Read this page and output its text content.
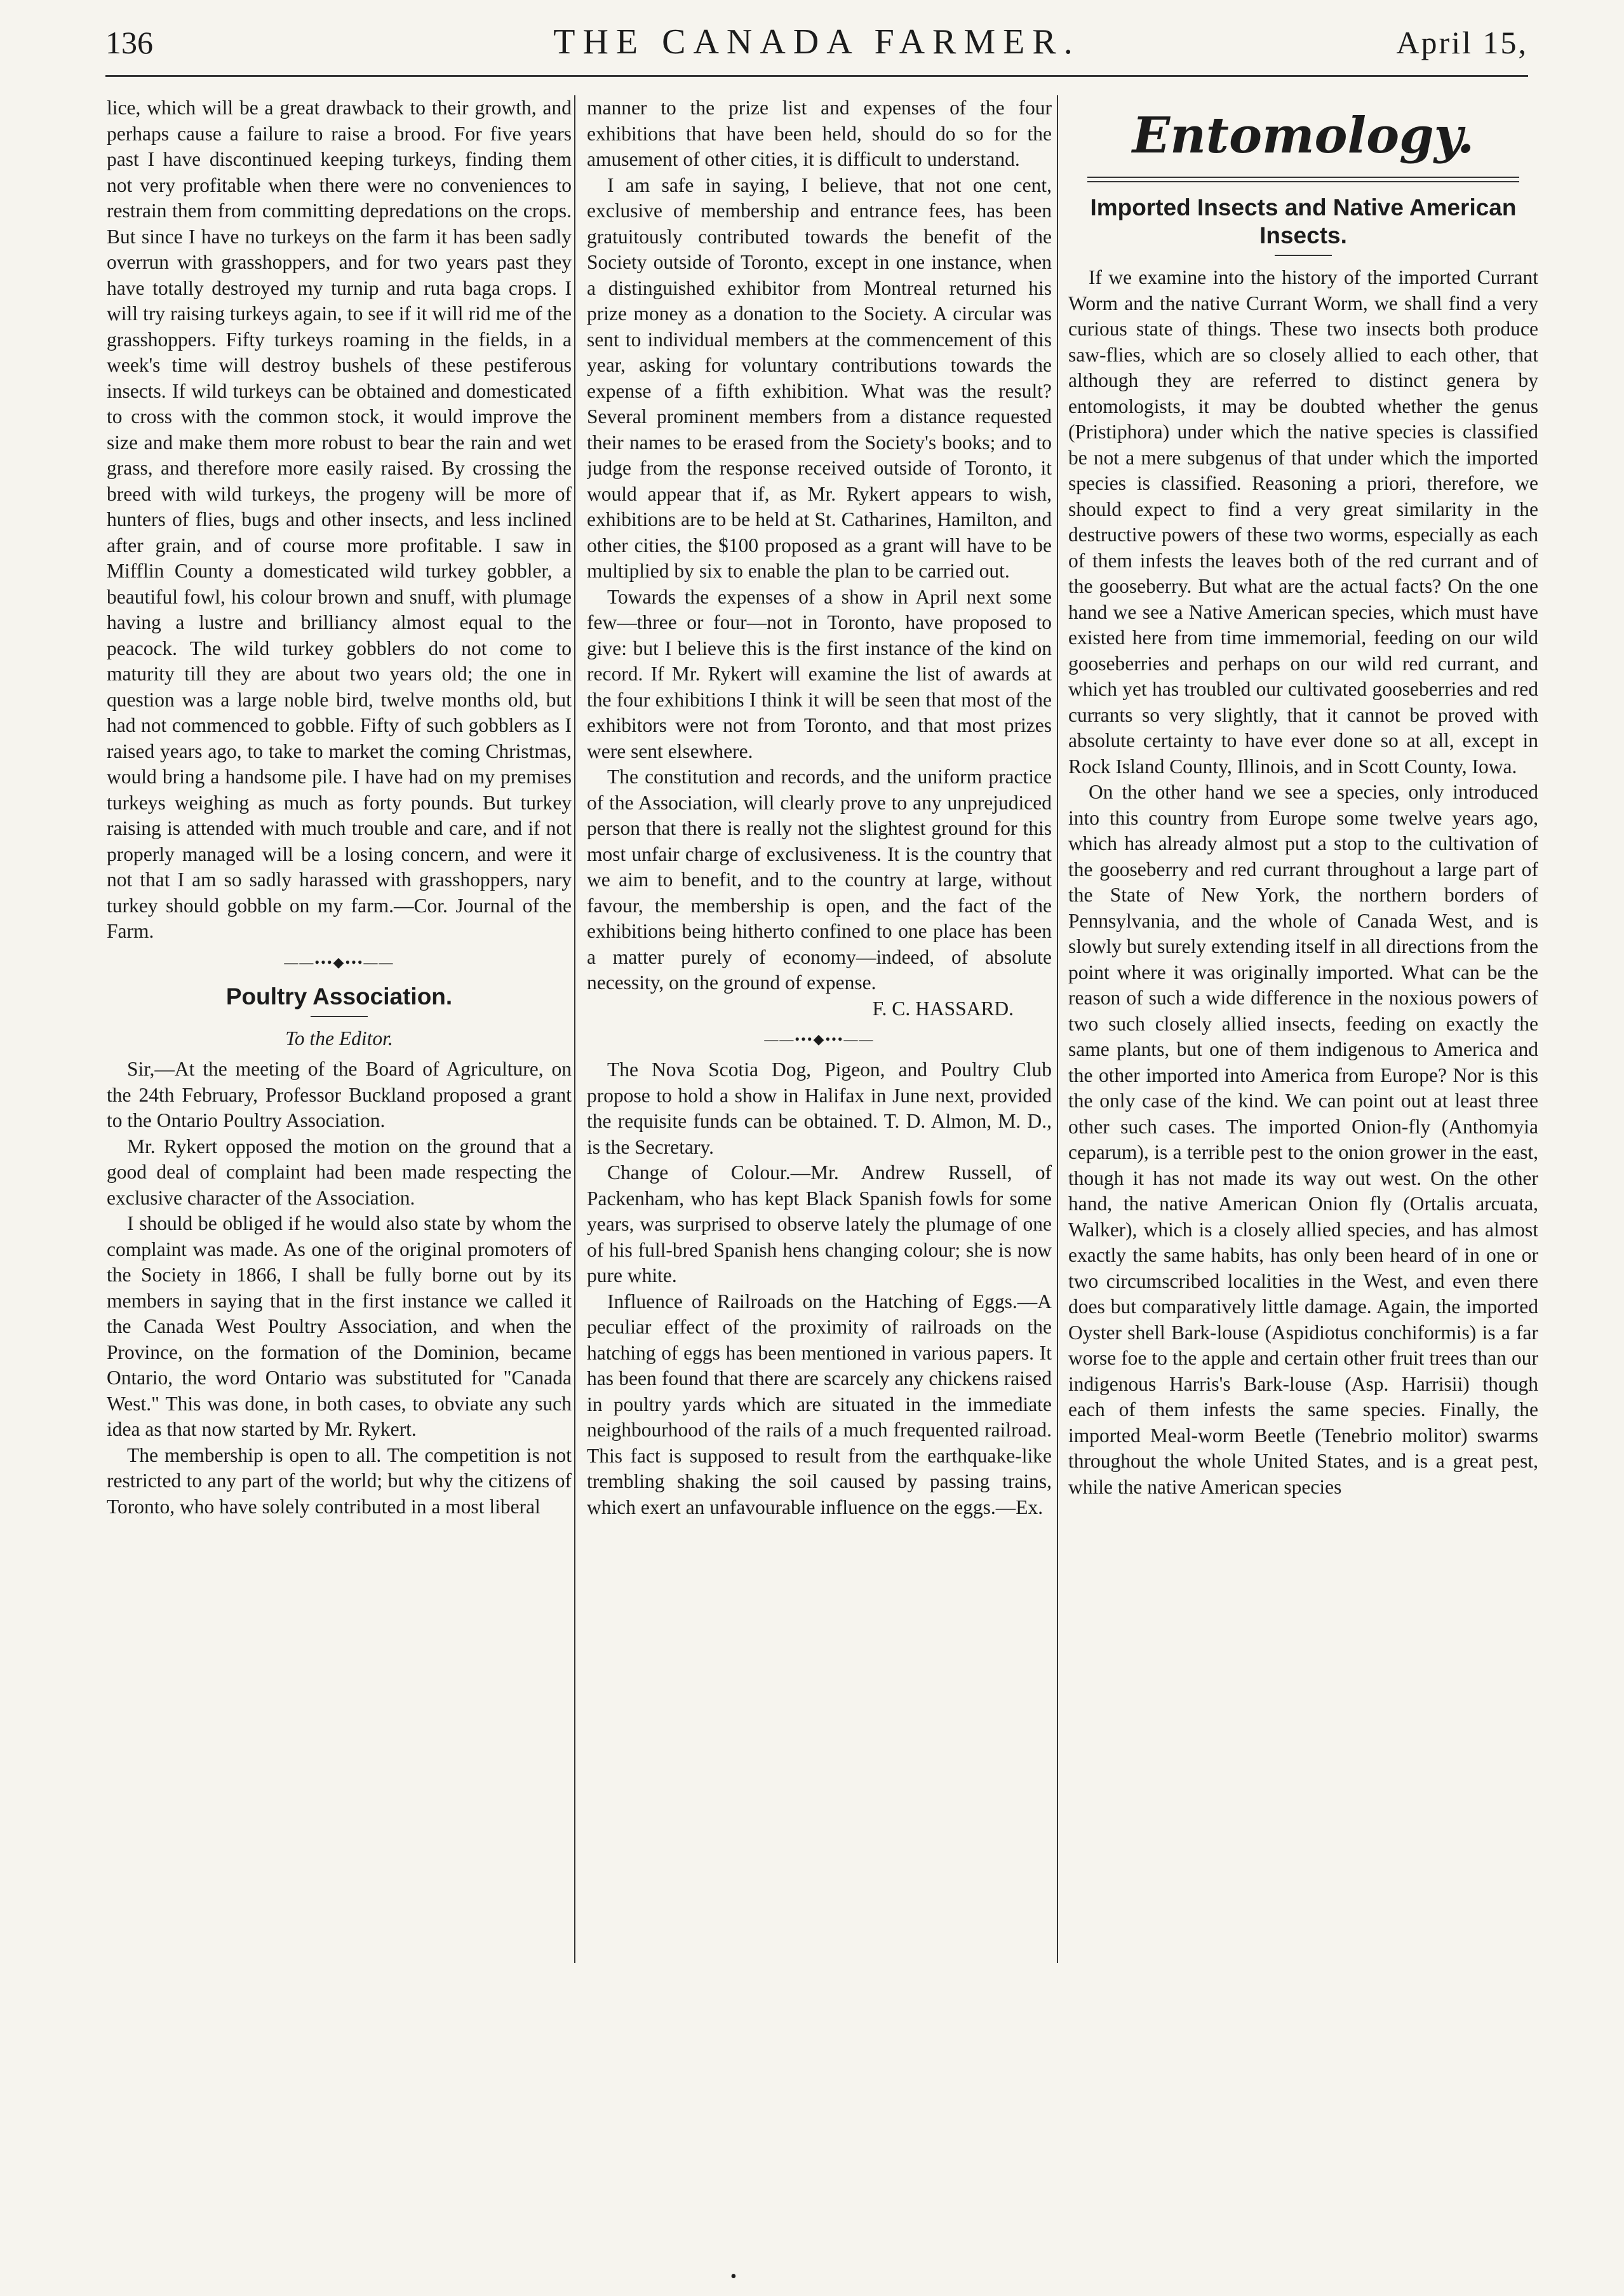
136	THE CANADA FARMER.	April 15,

lice, which will be a great drawback to their growth, and perhaps cause a failure to raise a brood. For five years past I have discontinued keeping turkeys, finding them not very profitable when there were no conveniences to restrain them from committing depredations on the crops. But since I have no turkeys on the farm it has been sadly overrun with grasshoppers, and for two years past they have totally destroyed my turnip and ruta baga crops. I will try raising turkeys again, to see if it will rid me of the grasshoppers. Fifty turkeys roaming in the fields, in a week's time will destroy bushels of these pestiferous insects. If wild turkeys can be obtained and domesticated to cross with the common stock, it would improve the size and make them more robust to bear the rain and wet grass, and therefore more easily raised. By crossing the breed with wild turkeys, the progeny will be more of hunters of flies, bugs and other insects, and less inclined after grain, and of course more profitable. I saw in Mifflin County a domesticated wild turkey gobbler, a beautiful fowl, his colour brown and snuff, with plumage having a lustre and brilliancy almost equal to the peacock. The wild turkey gobblers do not come to maturity till they are about two years old; the one in question was a large noble bird, twelve months old, but had not commenced to gobble. Fifty of such gobblers as I raised years ago, to take to market the coming Christmas, would bring a handsome pile. I have had on my premises turkeys weighing as much as forty pounds. But turkey raising is attended with much trouble and care, and if not properly managed will be a losing concern, and were it not that I am so sadly harassed with grasshoppers, nary turkey should gobble on my farm.—Cor. Journal of the Farm.

——•••◆•••——
Poultry Association.
To the Editor.

Sir,—At the meeting of the Board of Agriculture, on the 24th February, Professor Buckland proposed a grant to the Ontario Poultry Association.

Mr. Rykert opposed the motion on the ground that a good deal of complaint had been made respecting the exclusive character of the Association.

I should be obliged if he would also state by whom the complaint was made. As one of the original promoters of the Society in 1866, I shall be fully borne out by its members in saying that in the first instance we called it the Canada West Poultry Association, and when the Province, on the formation of the Dominion, became Ontario, the word Ontario was substituted for "Canada West." This was done, in both cases, to obviate any such idea as that now started by Mr. Rykert.

The membership is open to all. The competition is not restricted to any part of the world; but why the citizens of Toronto, who have solely contributed in a most liberal

manner to the prize list and expenses of the four exhibitions that have been held, should do so for the amusement of other cities, it is difficult to understand.

I am safe in saying, I believe, that not one cent, exclusive of membership and entrance fees, has been gratuitously contributed towards the benefit of the Society outside of Toronto, except in one instance, when a distinguished exhibitor from Montreal returned his prize money as a donation to the Society. A circular was sent to individual members at the commencement of this year, asking for voluntary contributions towards the expense of a fifth exhibition. What was the result? Several prominent members from a distance requested their names to be erased from the Society's books; and to judge from the response received outside of Toronto, it would appear that if, as Mr. Rykert appears to wish, exhibitions are to be held at St. Catharines, Hamilton, and other cities, the $100 proposed as a grant will have to be multiplied by six to enable the plan to be carried out.

Towards the expenses of a show in April next some few—three or four—not in Toronto, have proposed to give: but I believe this is the first instance of the kind on record. If Mr. Rykert will examine the list of awards at the four exhibitions I think it will be seen that most of the exhibitors were not from Toronto, and that most prizes were sent elsewhere.

The constitution and records, and the uniform practice of the Association, will clearly prove to any unprejudiced person that there is really not the slightest ground for this most unfair charge of exclusiveness. It is the country that we aim to benefit, and to the country at large, without favour, the membership is open, and the fact of the exhibitions being hitherto confined to one place has been a matter purely of economy—indeed, of absolute necessity, on the ground of expense.

F. C. HASSARD.

——•••◆•••——

The Nova Scotia Dog, Pigeon, and Poultry Club propose to hold a show in Halifax in June next, provided the requisite funds can be obtained. T. D. Almon, M. D., is the Secretary.

Change of Colour.—Mr. Andrew Russell, of Packenham, who has kept Black Spanish fowls for some years, was surprised to observe lately the plumage of one of his full-bred Spanish hens changing colour; she is now pure white.

Influence of Railroads on the Hatching of Eggs.—A peculiar effect of the proximity of railroads on the hatching of eggs has been mentioned in various papers. It has been found that there are scarcely any chickens raised in poultry yards which are situated in the immediate neighbourhood of the rails of a much frequented railroad. This fact is supposed to result from the earthquake-like trembling shaking the soil caused by passing trains, which exert an unfavourable influence on the eggs.—Ex.

Entomology.
Imported Insects and Native American Insects.

If we examine into the history of the imported Currant Worm and the native Currant Worm, we shall find a very curious state of things. These two insects both produce saw-flies, which are so closely allied to each other, that although they are referred to distinct genera by entomologists, it may be doubted whether the genus (Pristiphora) under which the native species is classified be not a mere subgenus of that under which the imported species is classified. Reasoning a priori, therefore, we should expect to find a very great similarity in the destructive powers of these two worms, especially as each of them infests the leaves both of the red currant and of the gooseberry. But what are the actual facts? On the one hand we see a Native American species, which must have existed here from time immemorial, feeding on our wild gooseberries and perhaps on our wild red currant, and which yet has troubled our cultivated gooseberries and red currants so very slightly, that it cannot be proved with absolute certainty to have ever done so at all, except in Rock Island County, Illinois, and in Scott County, Iowa.

On the other hand we see a species, only introduced into this country from Europe some twelve years ago, which has already almost put a stop to the cultivation of the gooseberry and red currant throughout a large part of the State of New York, the northern borders of Pennsylvania, and the whole of Canada West, and is slowly but surely extending itself in all directions from the point where it was originally imported. What can be the reason of such a wide difference in the noxious powers of two such closely allied insects, feeding on exactly the same plants, but one of them indigenous to America and the other imported into America from Europe? Nor is this the only case of the kind. We can point out at least three other such cases. The imported Onion-fly (Anthomyia ceparum), is a terrible pest to the onion grower in the east, though it has not made its way out west. On the other hand, the native American Onion fly (Ortalis arcuata, Walker), which is a closely allied species, and has almost exactly the same habits, has only been heard of in one or two circumscribed localities in the West, and even there does but comparatively little damage. Again, the imported Oyster shell Bark-louse (Aspidiotus conchiformis) is a far worse foe to the apple and certain other fruit trees than our indigenous Harris's Bark-louse (Asp. Harrisii) though each of them infests the same species. Finally, the imported Meal-worm Beetle (Tenebrio molitor) swarms throughout the whole United States, and is a great pest, while the native American species

•
